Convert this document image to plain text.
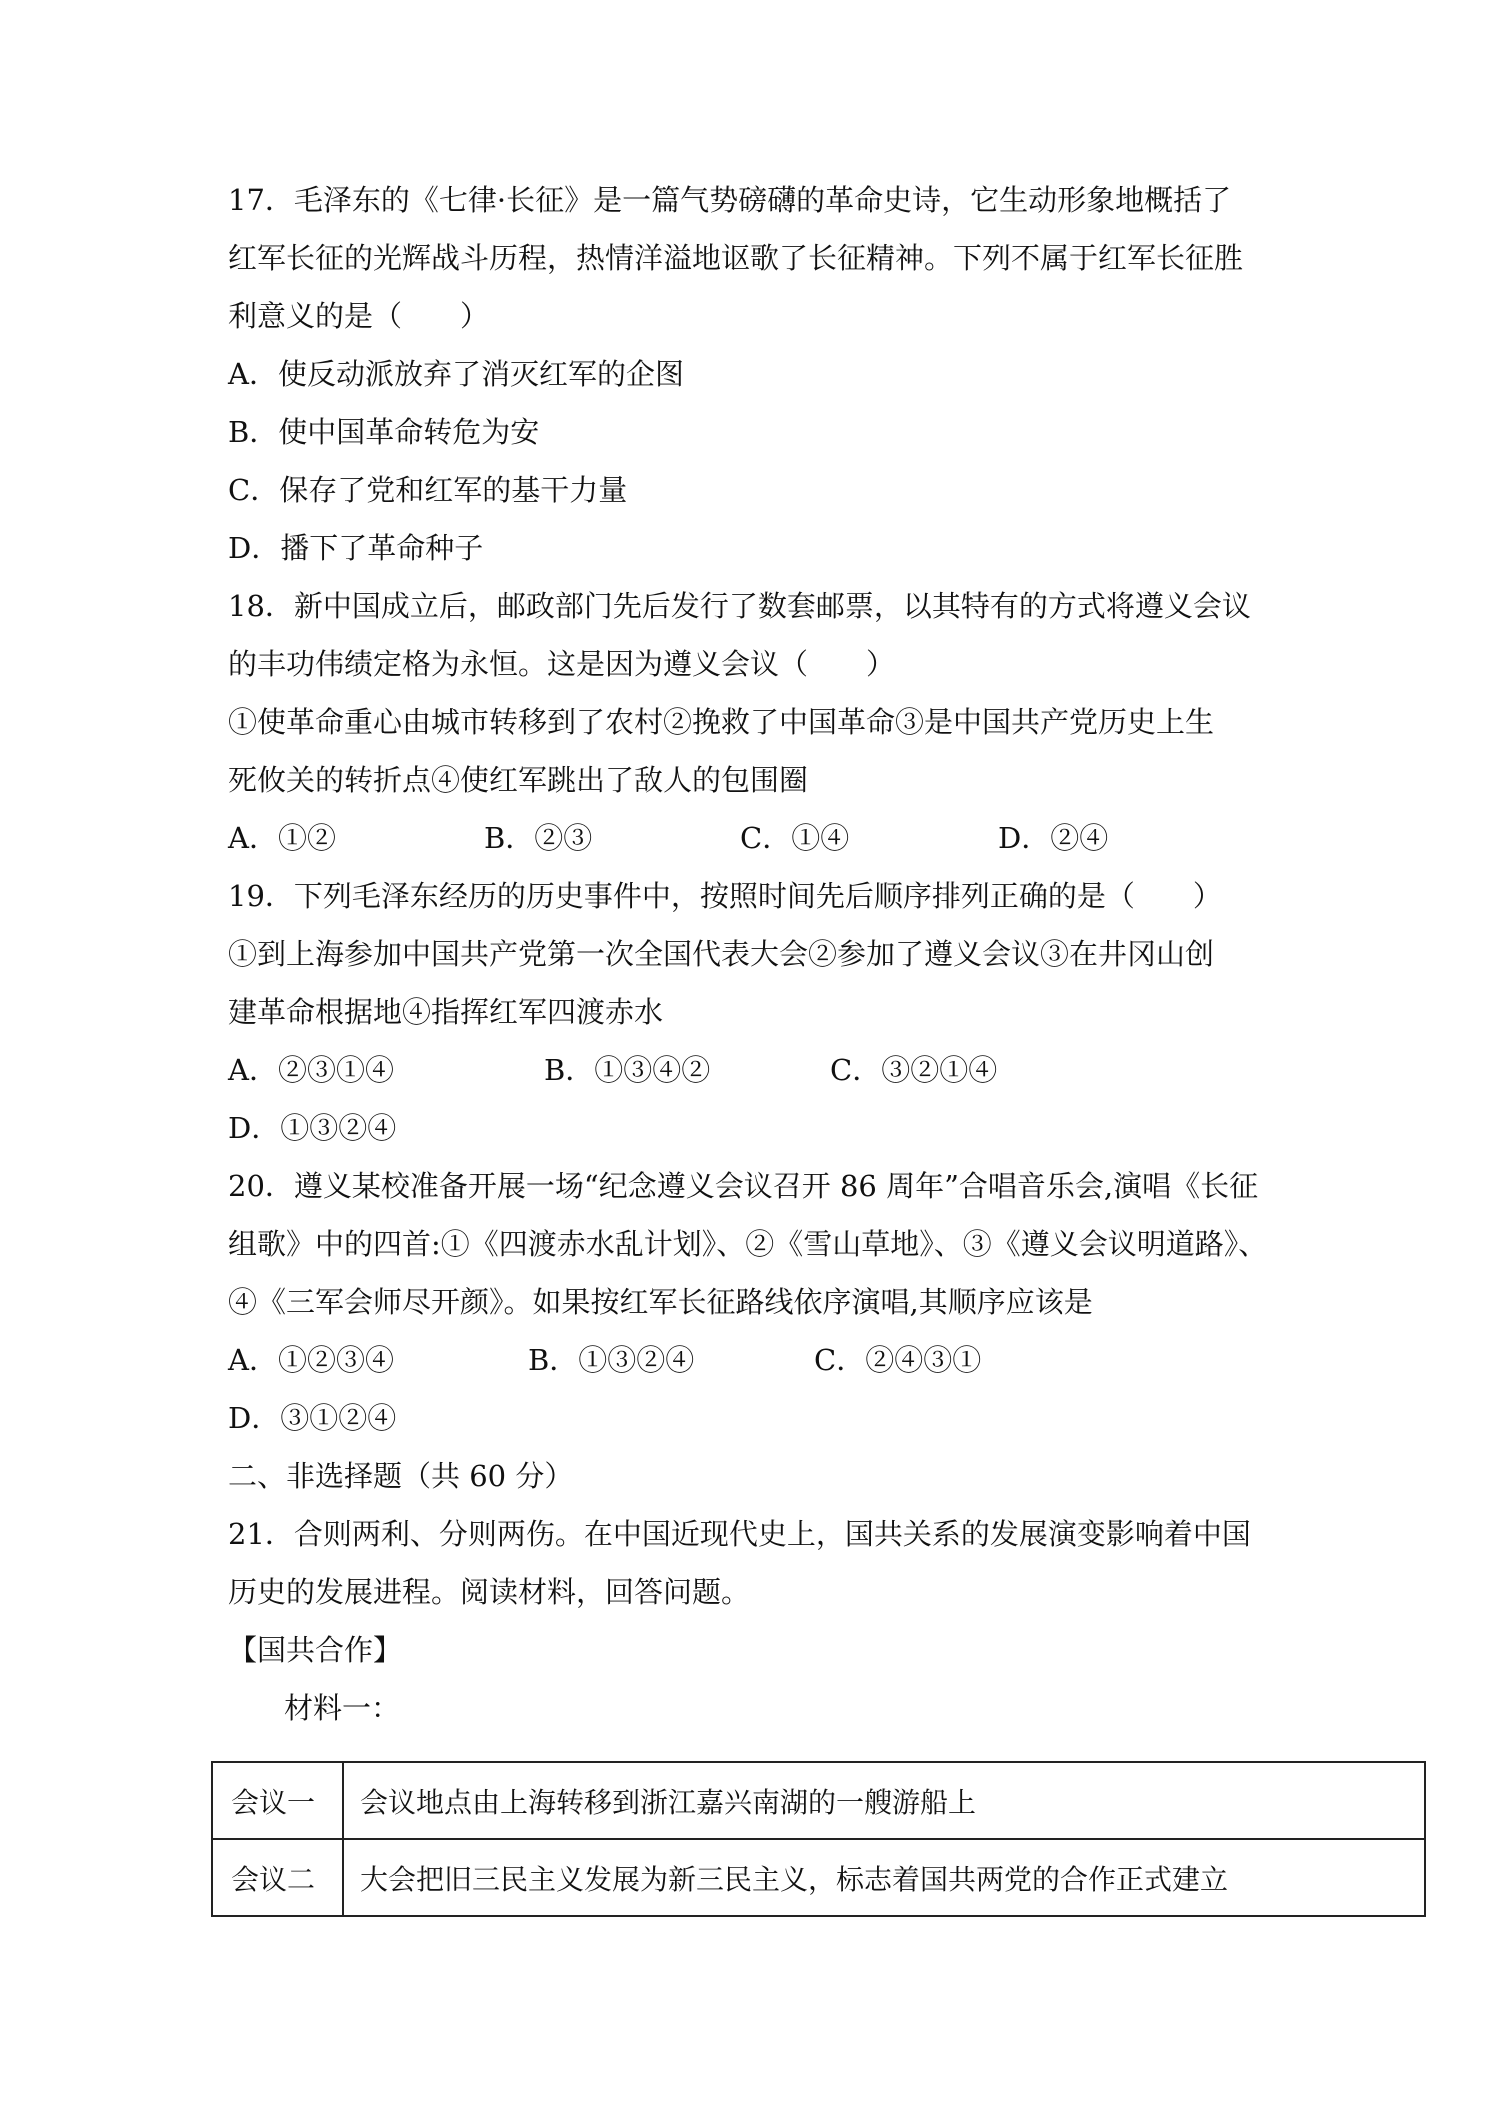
17．毛泽东的《七律·长征》是一篇气势磅礴的革命史诗，它生动形象地概括了

红军长征的光辉战斗历程，热情洋溢地讴歌了长征精神。下列不属于红军长征胜

利意义的是（　　）

A．使反动派放弃了消灭红军的企图

B．使中国革命转危为安

C．保存了党和红军的基干力量

D．播下了革命种子

18．新中国成立后，邮政部门先后发行了数套邮票，以其特有的方式将遵义会议

的丰功伟绩定格为永恒。这是因为遵义会议（　　）

①使革命重心由城市转移到了农村②挽救了中国革命③是中国共产党历史上生

死攸关的转折点④使红军跳出了敌人的包围圈

A．①②	B．②③	C．①④	D．②④

19．下列毛泽东经历的历史事件中，按照时间先后顺序排列正确的是（　　）

①到上海参加中国共产党第一次全国代表大会②参加了遵义会议③在井冈山创

建革命根据地④指挥红军四渡赤水

A．②③①④	B．①③④②	C．③②①④

D．①③②④

20．遵义某校准备开展一场“纪念遵义会议召开 86 周年”合唱音乐会,演唱《长征

组歌》中的四首:①《四渡赤水乱计划》、②《雪山草地》、③《遵义会议明道路》、

④《三军会师尽开颜》。如果按红军长征路线依序演唱,其顺序应该是

A．①②③④	B．①③②④	C．②④③①

D．③①②④

二、非选择题（共 60 分）

21．合则两利、分则两伤。在中国近现代史上，国共关系的发展演变影响着中国

历史的发展进程。阅读材料，回答问题。

【国共合作】

材料一：

会议一	会议地点由上海转移到浙江嘉兴南湖的一艘游船上
会议二	大会把旧三民主义发展为新三民主义，标志着国共两党的合作正式建立
